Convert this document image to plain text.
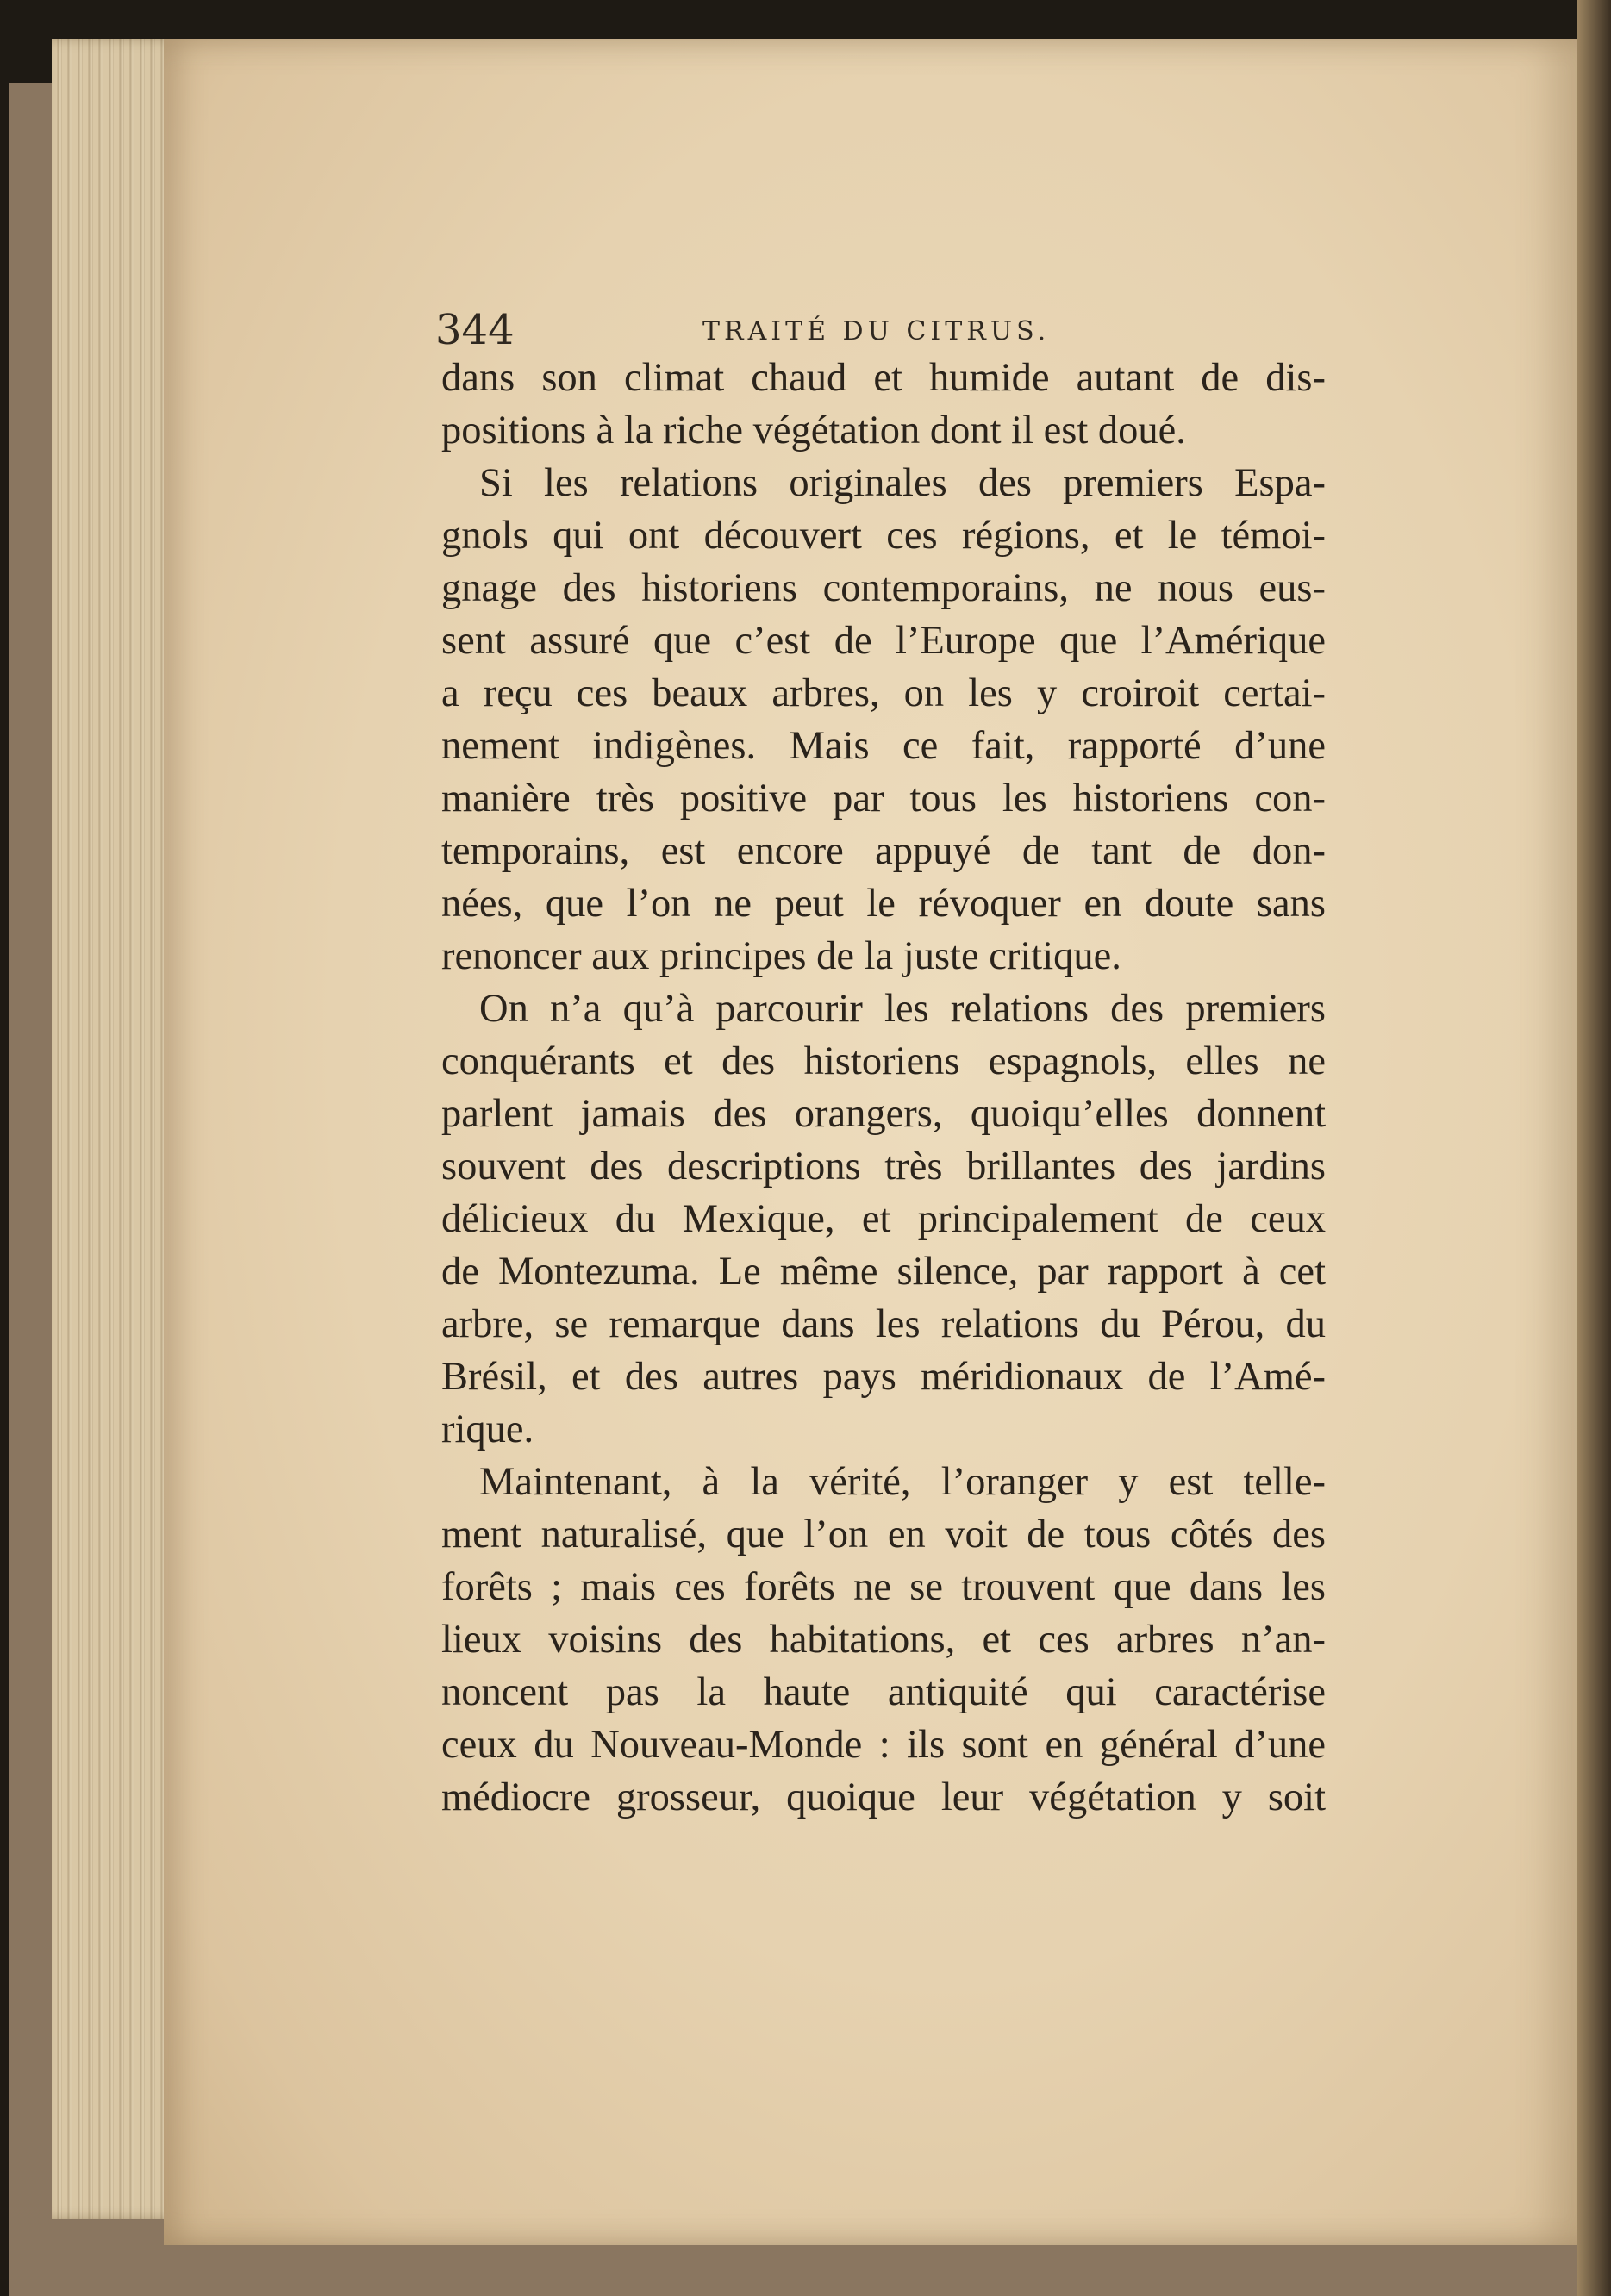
344	TRAITÉ DU CITRUS.
dans son climat chaud et humide autant de dis-
positions à la riche végétation dont il est doué.
Si les relations originales des premiers Espa-
gnols qui ont découvert ces régions, et le témoi-
gnage des historiens contemporains, ne nous eus-
sent assuré que c’est de l’Europe que l’Amérique
a reçu ces beaux arbres, on les y croiroit certai-
nement indigènes. Mais ce fait, rapporté d’une
manière très positive par tous les historiens con-
temporains, est encore appuyé de tant de don-
nées, que l’on ne peut le révoquer en doute sans
renoncer aux principes de la juste critique.
On n’a qu’à parcourir les relations des premiers
conquérants et des historiens espagnols, elles ne
parlent jamais des orangers, quoiqu’elles donnent
souvent des descriptions très brillantes des jardins
délicieux du Mexique, et principalement de ceux
de Montezuma. Le même silence, par rapport à cet
arbre, se remarque dans les relations du Pérou, du
Brésil, et des autres pays méridionaux de l’Amé-
rique.
Maintenant, à la vérité, l’oranger y est telle-
ment naturalisé, que l’on en voit de tous côtés des
forêts ; mais ces forêts ne se trouvent que dans les
lieux voisins des habitations, et ces arbres n’an-
noncent pas la haute antiquité qui caractérise
ceux du Nouveau-Monde : ils sont en général d’une
médiocre grosseur, quoique leur végétation y soit
